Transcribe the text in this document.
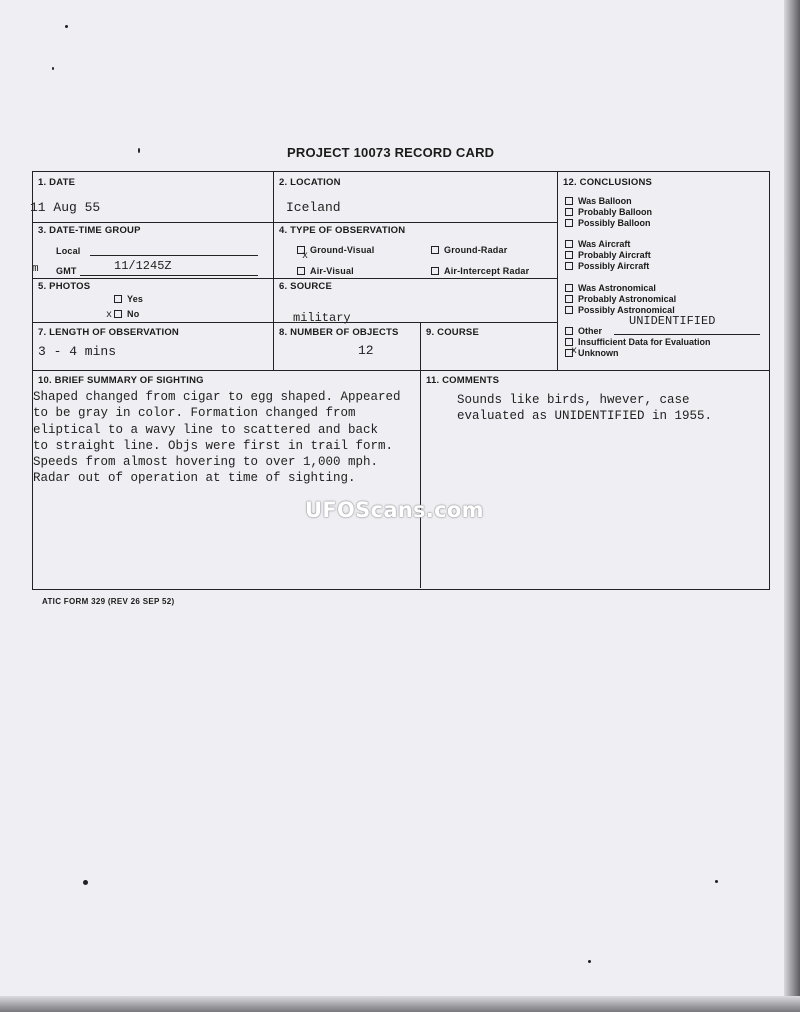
PROJECT 10073 RECORD CARD
1. DATE
11 Aug 55
2. LOCATION
Iceland
3. DATE-TIME GROUP
Local
m GMT	11/1245Z
4. TYPE OF OBSERVATION
Ground-Visual
x
Ground-Radar
Air-Visual	Air-Intercept Radar
5. PHOTOS
Yes
No
x
6. SOURCE
military
7. LENGTH OF OBSERVATION
3 - 4 mins
8. NUMBER OF OBJECTS
12
9. COURSE
12. CONCLUSIONS
Was Balloon
Probably Balloon
Possibly Balloon
Was Aircraft
Probably Aircraft
Possibly Aircraft
Was Astronomical
Probably Astronomical
Possibly Astronomical
UNIDENTIFIED
Other
Insufficient Data for Evaluation
Unknown
x
10. BRIEF SUMMARY OF SIGHTING
Shaped changed from cigar to egg shaped. Appeared
to be gray in color. Formation changed from
eliptical to a wavy line to scattered and back
to straight line. Objs were first in trail form.
Speeds from almost hovering to over 1,000 mph.
Radar out of operation at time of sighting.
11. COMMENTS
Sounds like birds, hwever, case
evaluated as UNIDENTIFIED in 1955.
ATIC FORM 329 (REV 26 SEP 52)
UFOScans.com
